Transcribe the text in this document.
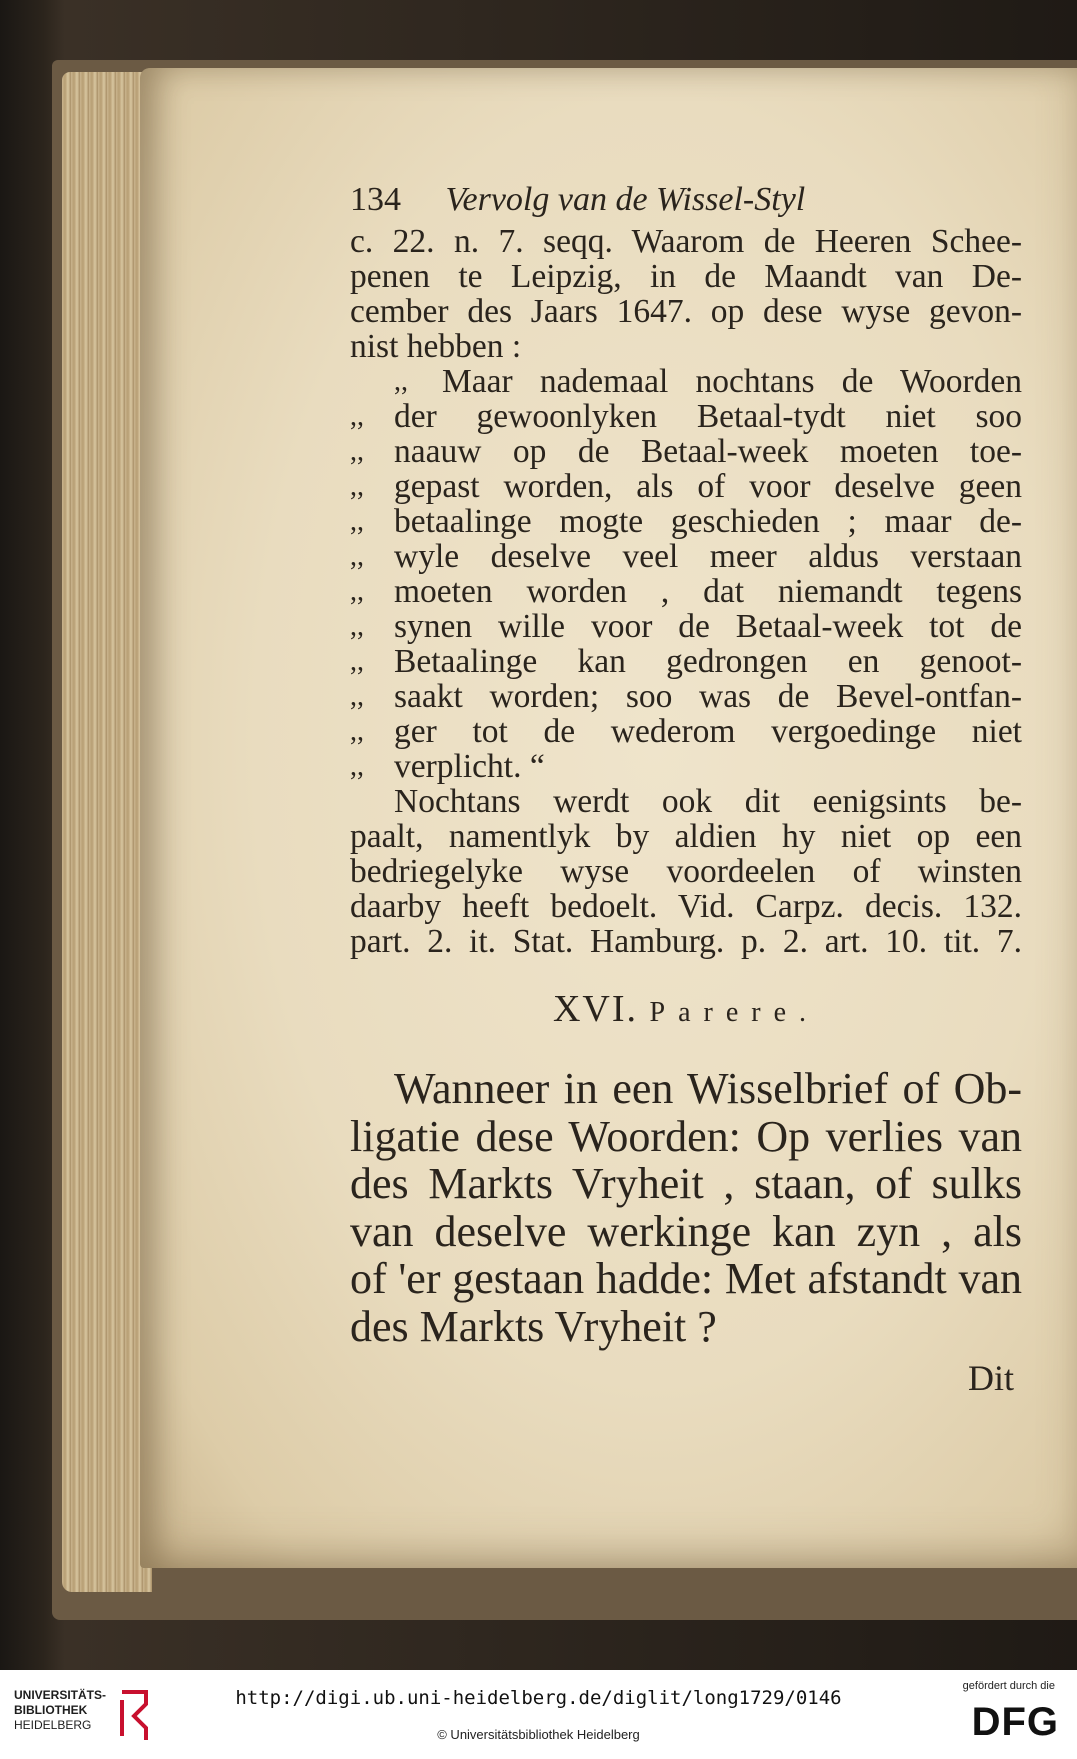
134 Vervolg van de Wissel-Styl
c. 22. n. 7. seqq. Waarom de Heeren Schee-
penen te Leipzig, in de Maandt van De-
cember des Jaars 1647. op dese wyse gevon-
nist hebben :
,, Maar nademaal nochtans de Woorden
,, der gewoonlyken Betaal-tydt niet soo
,, naauw op de Betaal-week moeten toe-
,, gepast worden, als of voor deselve geen
,, betaalinge mogte geschieden ; maar de-
,, wyle deselve veel meer aldus verstaan
,, moeten worden , dat niemandt tegens
,, synen wille voor de Betaal-week tot de
,, Betaalinge kan gedrongen en genoot-
,, saakt worden; soo was de Bevel-ontfan-
,, ger tot de wederom vergoedinge niet
,, verplicht. “
Nochtans werdt ook dit eenigsints be-
paalt, namentlyk by aldien hy niet op een
bedriegelyke wyse voordeelen of winsten
daarby heeft bedoelt. Vid. Carpz. decis. 132.
part. 2. it. Stat. Hamburg. p. 2. art. 10. tit. 7.
XVI. Parere.
Wanneer in een Wisselbrief of Ob-
ligatie dese Woorden: Op verlies van
des Markts Vryheit , staan, of sulks
van deselve werkinge kan zyn , als
of 'er gestaan hadde: Met afstandt van
des Markts Vryheit ?
Dit
UNIVERSITÄTS-
BIBLIOTHEK
HEIDELBERG
http://digi.ub.uni-heidelberg.de/diglit/long1729/0146
© Universitätsbibliothek Heidelberg
gefördert durch die
DFG
